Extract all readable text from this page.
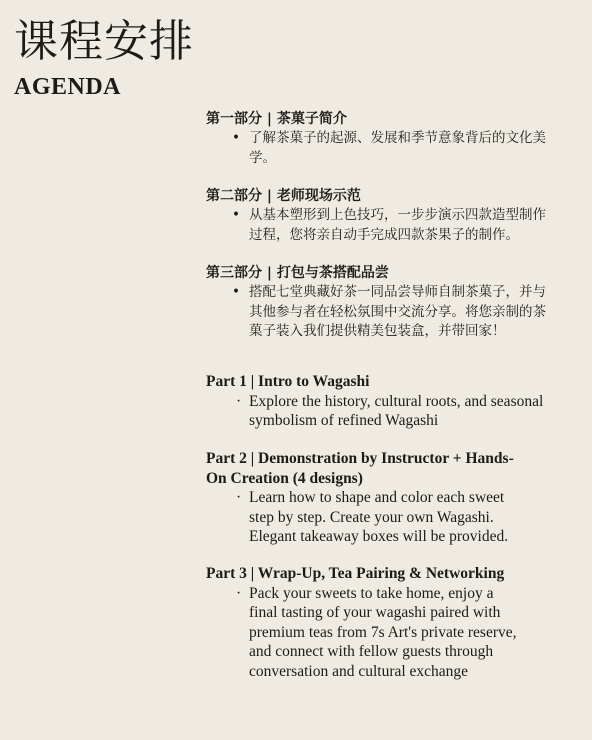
课程安排
AGENDA

第一部分 | 茶菓子简介

• 了解茶菓子的起源、发展和季节意象背后的文化美学。

第二部分 | 老师现场示范

• 从基本塑形到上色技巧，一步步演示四款造型制作过程，您将亲自动手完成四款茶果子的制作。

第三部分 | 打包与茶搭配品尝

• 搭配七堂典藏好茶一同品尝导师自制茶菓子，并与其他参与者在轻松氛围中交流分享。将您亲制的茶菓子装入我们提供精美包装盒，并带回家！

Part 1 | Intro to Wagashi

· Explore the history, cultural roots, and seasonal symbolism of refined Wagashi

Part 2 | Demonstration by Instructor + Hands-On Creation (4 designs)

· Learn how to shape and color each sweet step by step. Create your own Wagashi. Elegant takeaway boxes will be provided.

Part 3 | Wrap-Up, Tea Pairing & Networking

· Pack your sweets to take home, enjoy a final tasting of your wagashi paired with premium teas from 7s Art's private reserve, and connect with fellow guests through conversation and cultural exchange
